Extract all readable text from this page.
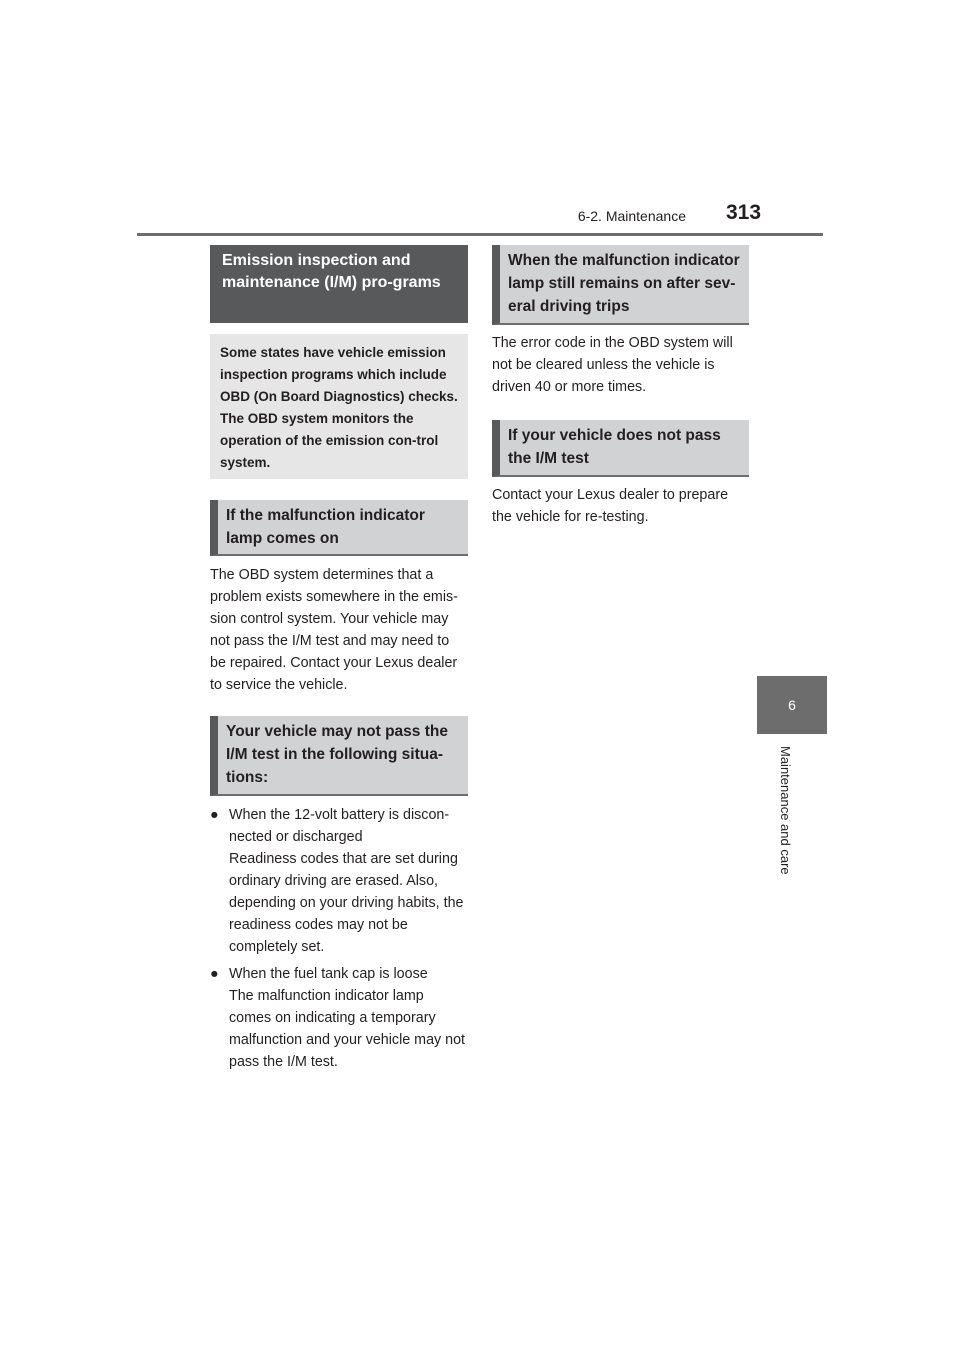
6-2. Maintenance 313
6
Maintenance and care
Emission inspection and maintenance (I/M) pro-grams
Some states have vehicle emission inspection programs which include OBD (On Board Diagnostics) checks. The OBD system monitors the operation of the emission con-trol system.
If the malfunction indicator lamp comes on
The OBD system determines that a problem exists somewhere in the emis-sion control system. Your vehicle may not pass the I/M test and may need to be repaired. Contact your Lexus dealer to service the vehicle.
Your vehicle may not pass the I/M test in the following situa-tions:
● When the 12-volt battery is discon-nected or discharged
Readiness codes that are set during ordinary driving are erased. Also, depending on your driving habits, the readiness codes may not be completely set.
● When the fuel tank cap is loose
The malfunction indicator lamp comes on indicating a temporary malfunction and your vehicle may not pass the I/M test.
When the malfunction indicator lamp still remains on after sev-eral driving trips
The error code in the OBD system will not be cleared unless the vehicle is driven 40 or more times.
If your vehicle does not pass the I/M test
Contact your Lexus dealer to prepare the vehicle for re-testing.
